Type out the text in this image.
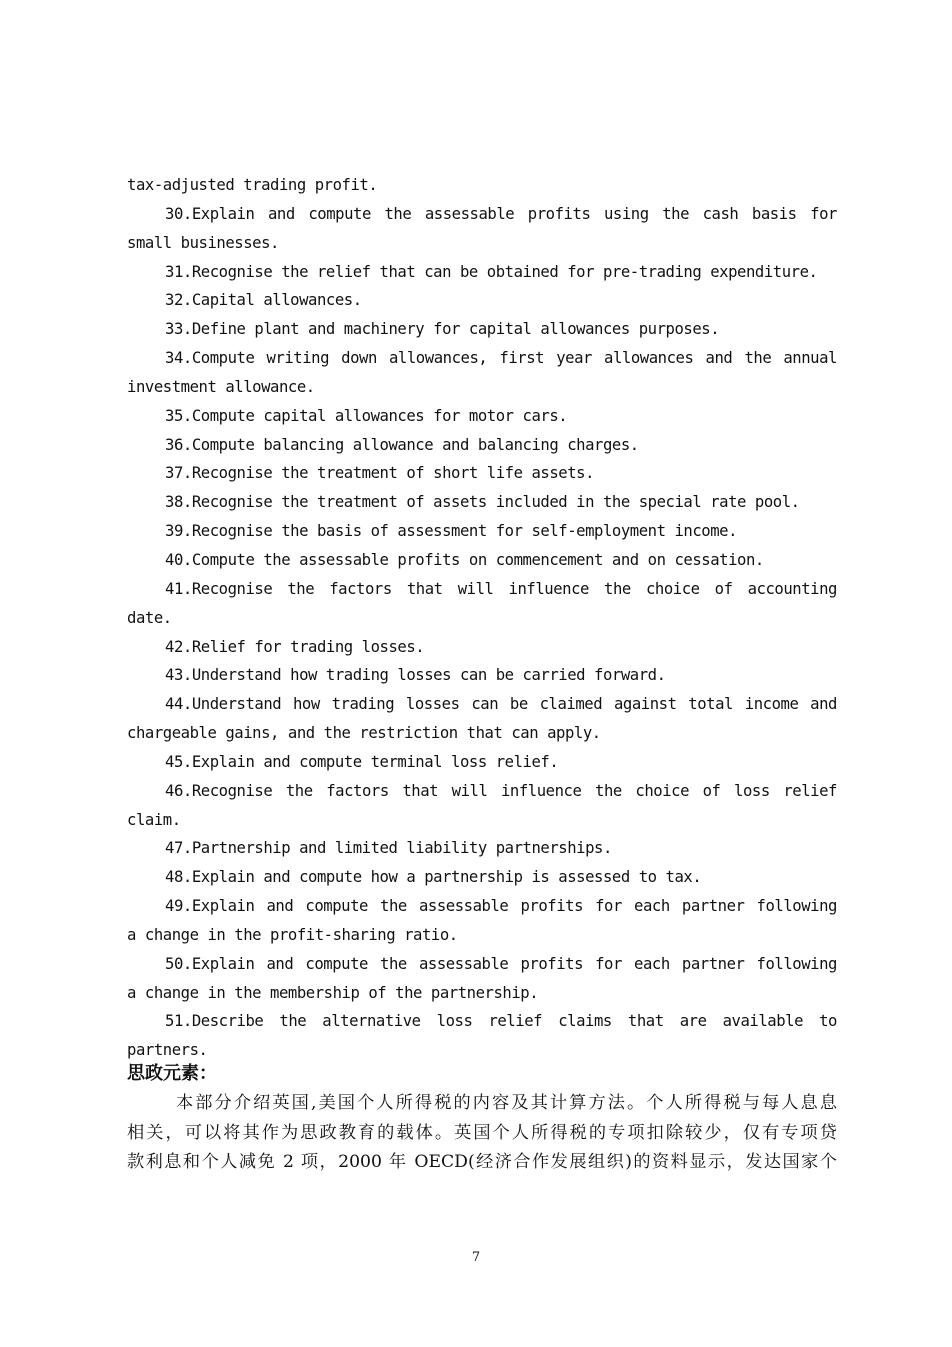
tax-adjusted trading profit.
30.Explain and compute the assessable profits using the cash basis for
small businesses.
31.Recognise the relief that can be obtained for pre-trading expenditure.
32.Capital allowances.
33.Define plant and machinery for capital allowances purposes.
34.Compute writing down allowances, first year allowances and the annual
investment allowance.
35.Compute capital allowances for motor cars.
36.Compute balancing allowance and balancing charges.
37.Recognise the treatment of short life assets.
38.Recognise the treatment of assets included in the special rate pool.
39.Recognise the basis of assessment for self-employment income.
40.Compute the assessable profits on commencement and on cessation.
41.Recognise the factors that will influence the choice of accounting
date.
42.Relief for trading losses.
43.Understand how trading losses can be carried forward.
44.Understand how trading losses can be claimed against total income and
chargeable gains, and the restriction that can apply.
45.Explain and compute terminal loss relief.
46.Recognise the factors that will influence the choice of loss relief
claim.
47.Partnership and limited liability partnerships.
48.Explain and compute how a partnership is assessed to tax.
49.Explain and compute the assessable profits for each partner following
a change in the profit-sharing ratio.
50.Explain and compute the assessable profits for each partner following
a change in the membership of the partnership.
51.Describe the alternative loss relief claims that are available to
partners.
思政元素：
本部分介绍英国,美国个人所得税的内容及其计算方法。个人所得税与每人息息
相关，可以将其作为思政教育的载体。英国个人所得税的专项扣除较少，仅有专项贷
款利息和个人减免 2 项，2000 年 OECD(经济合作发展组织)的资料显示，发达国家个
7
